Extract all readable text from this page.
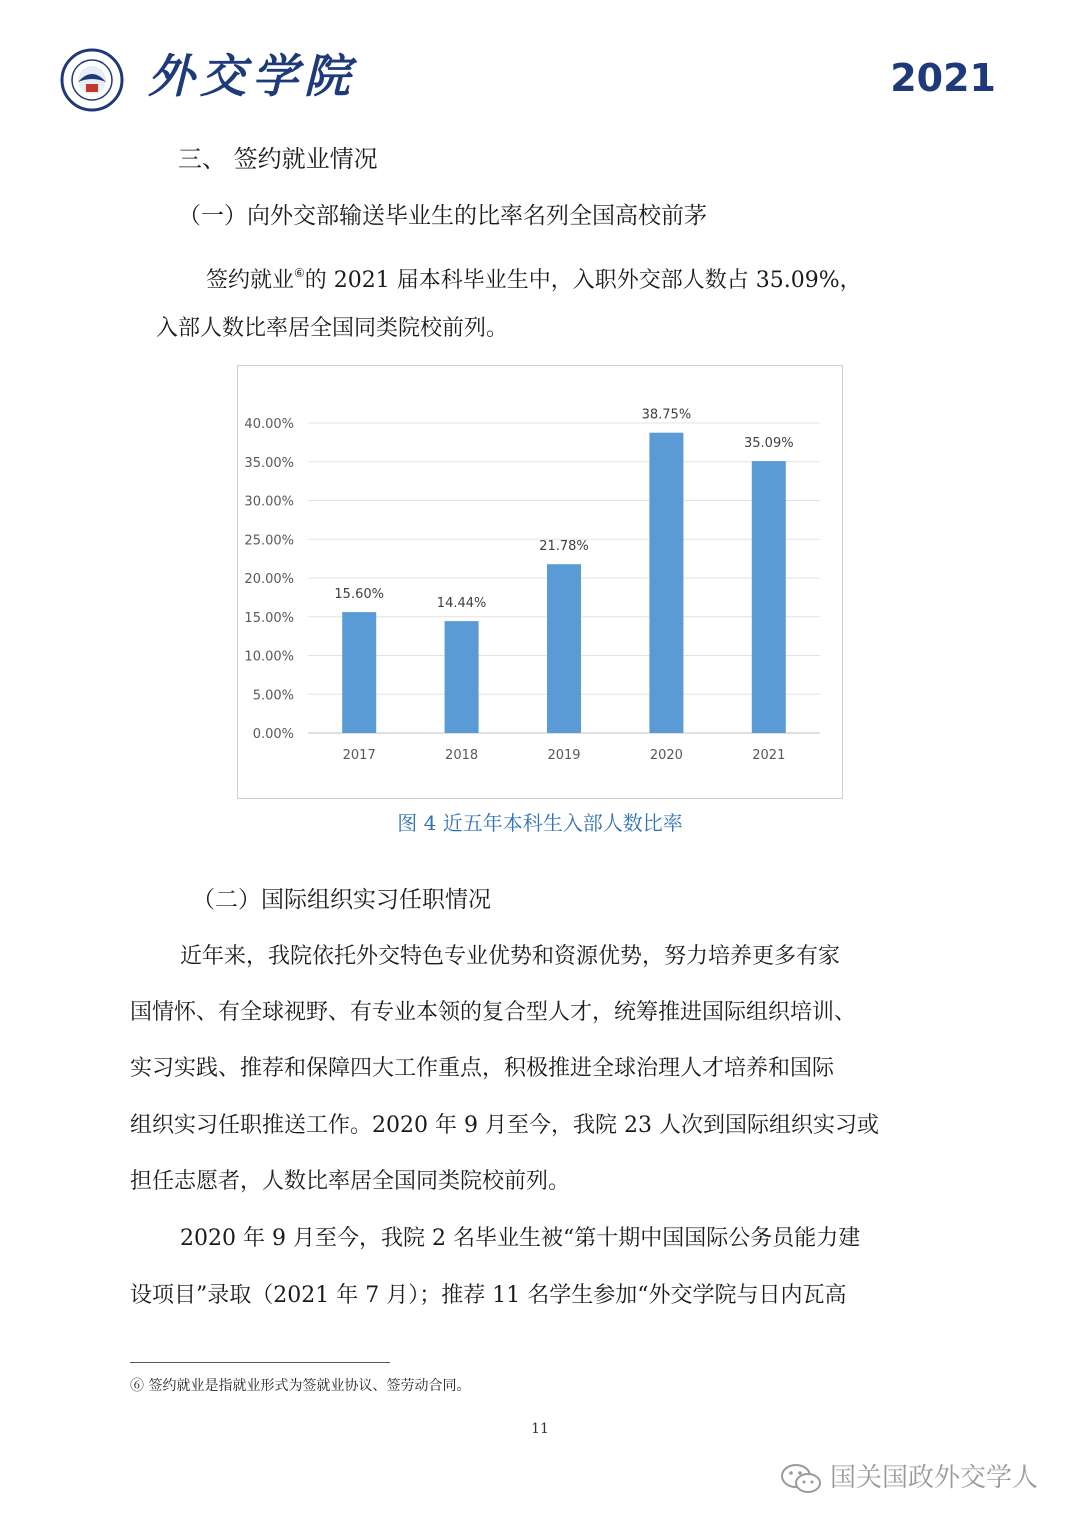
外交学院	2021
三、 签约就业情况
（一）向外交部输送毕业生的比率名列全国高校前茅
签约就业⑥的 2021 届本科毕业生中，入职外交部人数占 35.09%，
入部人数比率居全国同类院校前列。
0.00%
5.00%
10.00%
15.00%
20.00%
25.00%
30.00%
35.00%
40.00%
15.60%
2017
14.44%
2018
21.78%
2019
38.75%
2020
35.09%
2021
图 4 近五年本科生入部人数比率
（二）国际组织实习任职情况
近年来，我院依托外交特色专业优势和资源优势，努力培养更多有家
国情怀、有全球视野、有专业本领的复合型人才，统筹推进国际组织培训、
实习实践、推荐和保障四大工作重点，积极推进全球治理人才培养和国际
组织实习任职推送工作。2020 年 9 月至今，我院 23 人次到国际组织实习或
担任志愿者，人数比率居全国同类院校前列。
2020 年 9 月至今，我院 2 名毕业生被“第十期中国国际公务员能力建
设项目”录取（2021 年 7 月）；推荐 11 名学生参加“外交学院与日内瓦高
⑥ 签约就业是指就业形式为签就业协议、签劳动合同。
11
国关国政外交学人
